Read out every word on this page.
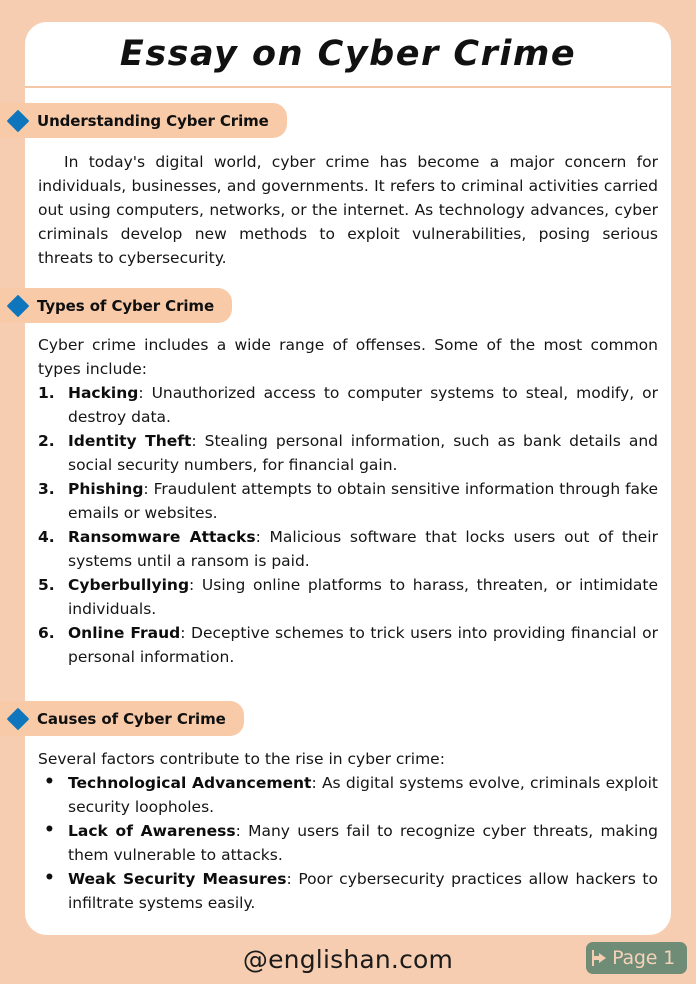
Essay on Cyber Crime
Understanding Cyber Crime

In today's digital world, cyber crime has become a major concern for individuals, businesses, and governments. It refers to criminal activities carried out using computers, networks, or the internet. As technology advances, cyber criminals develop new methods to exploit vulnerabilities, posing serious threats to cybersecurity.

Types of Cyber Crime

Cyber crime includes a wide range of offenses. Some of the most common types include:

1. Hacking: Unauthorized access to computer systems to steal, modify, or destroy data.
2. Identity Theft: Stealing personal information, such as bank details and social security numbers, for financial gain.
3. Phishing: Fraudulent attempts to obtain sensitive information through fake emails or websites.
4. Ransomware Attacks: Malicious software that locks users out of their systems until a ransom is paid.
5. Cyberbullying: Using online platforms to harass, threaten, or intimidate individuals.
6. Online Fraud: Deceptive schemes to trick users into providing financial or personal information.
Causes of Cyber Crime

Several factors contribute to the rise in cyber crime:

• Technological Advancement: As digital systems evolve, criminals exploit security loopholes.
• Lack of Awareness: Many users fail to recognize cyber threats, making them vulnerable to attacks.
• Weak Security Measures: Poor cybersecurity practices allow hackers to infiltrate systems easily.
@englishan.com	Page 1
